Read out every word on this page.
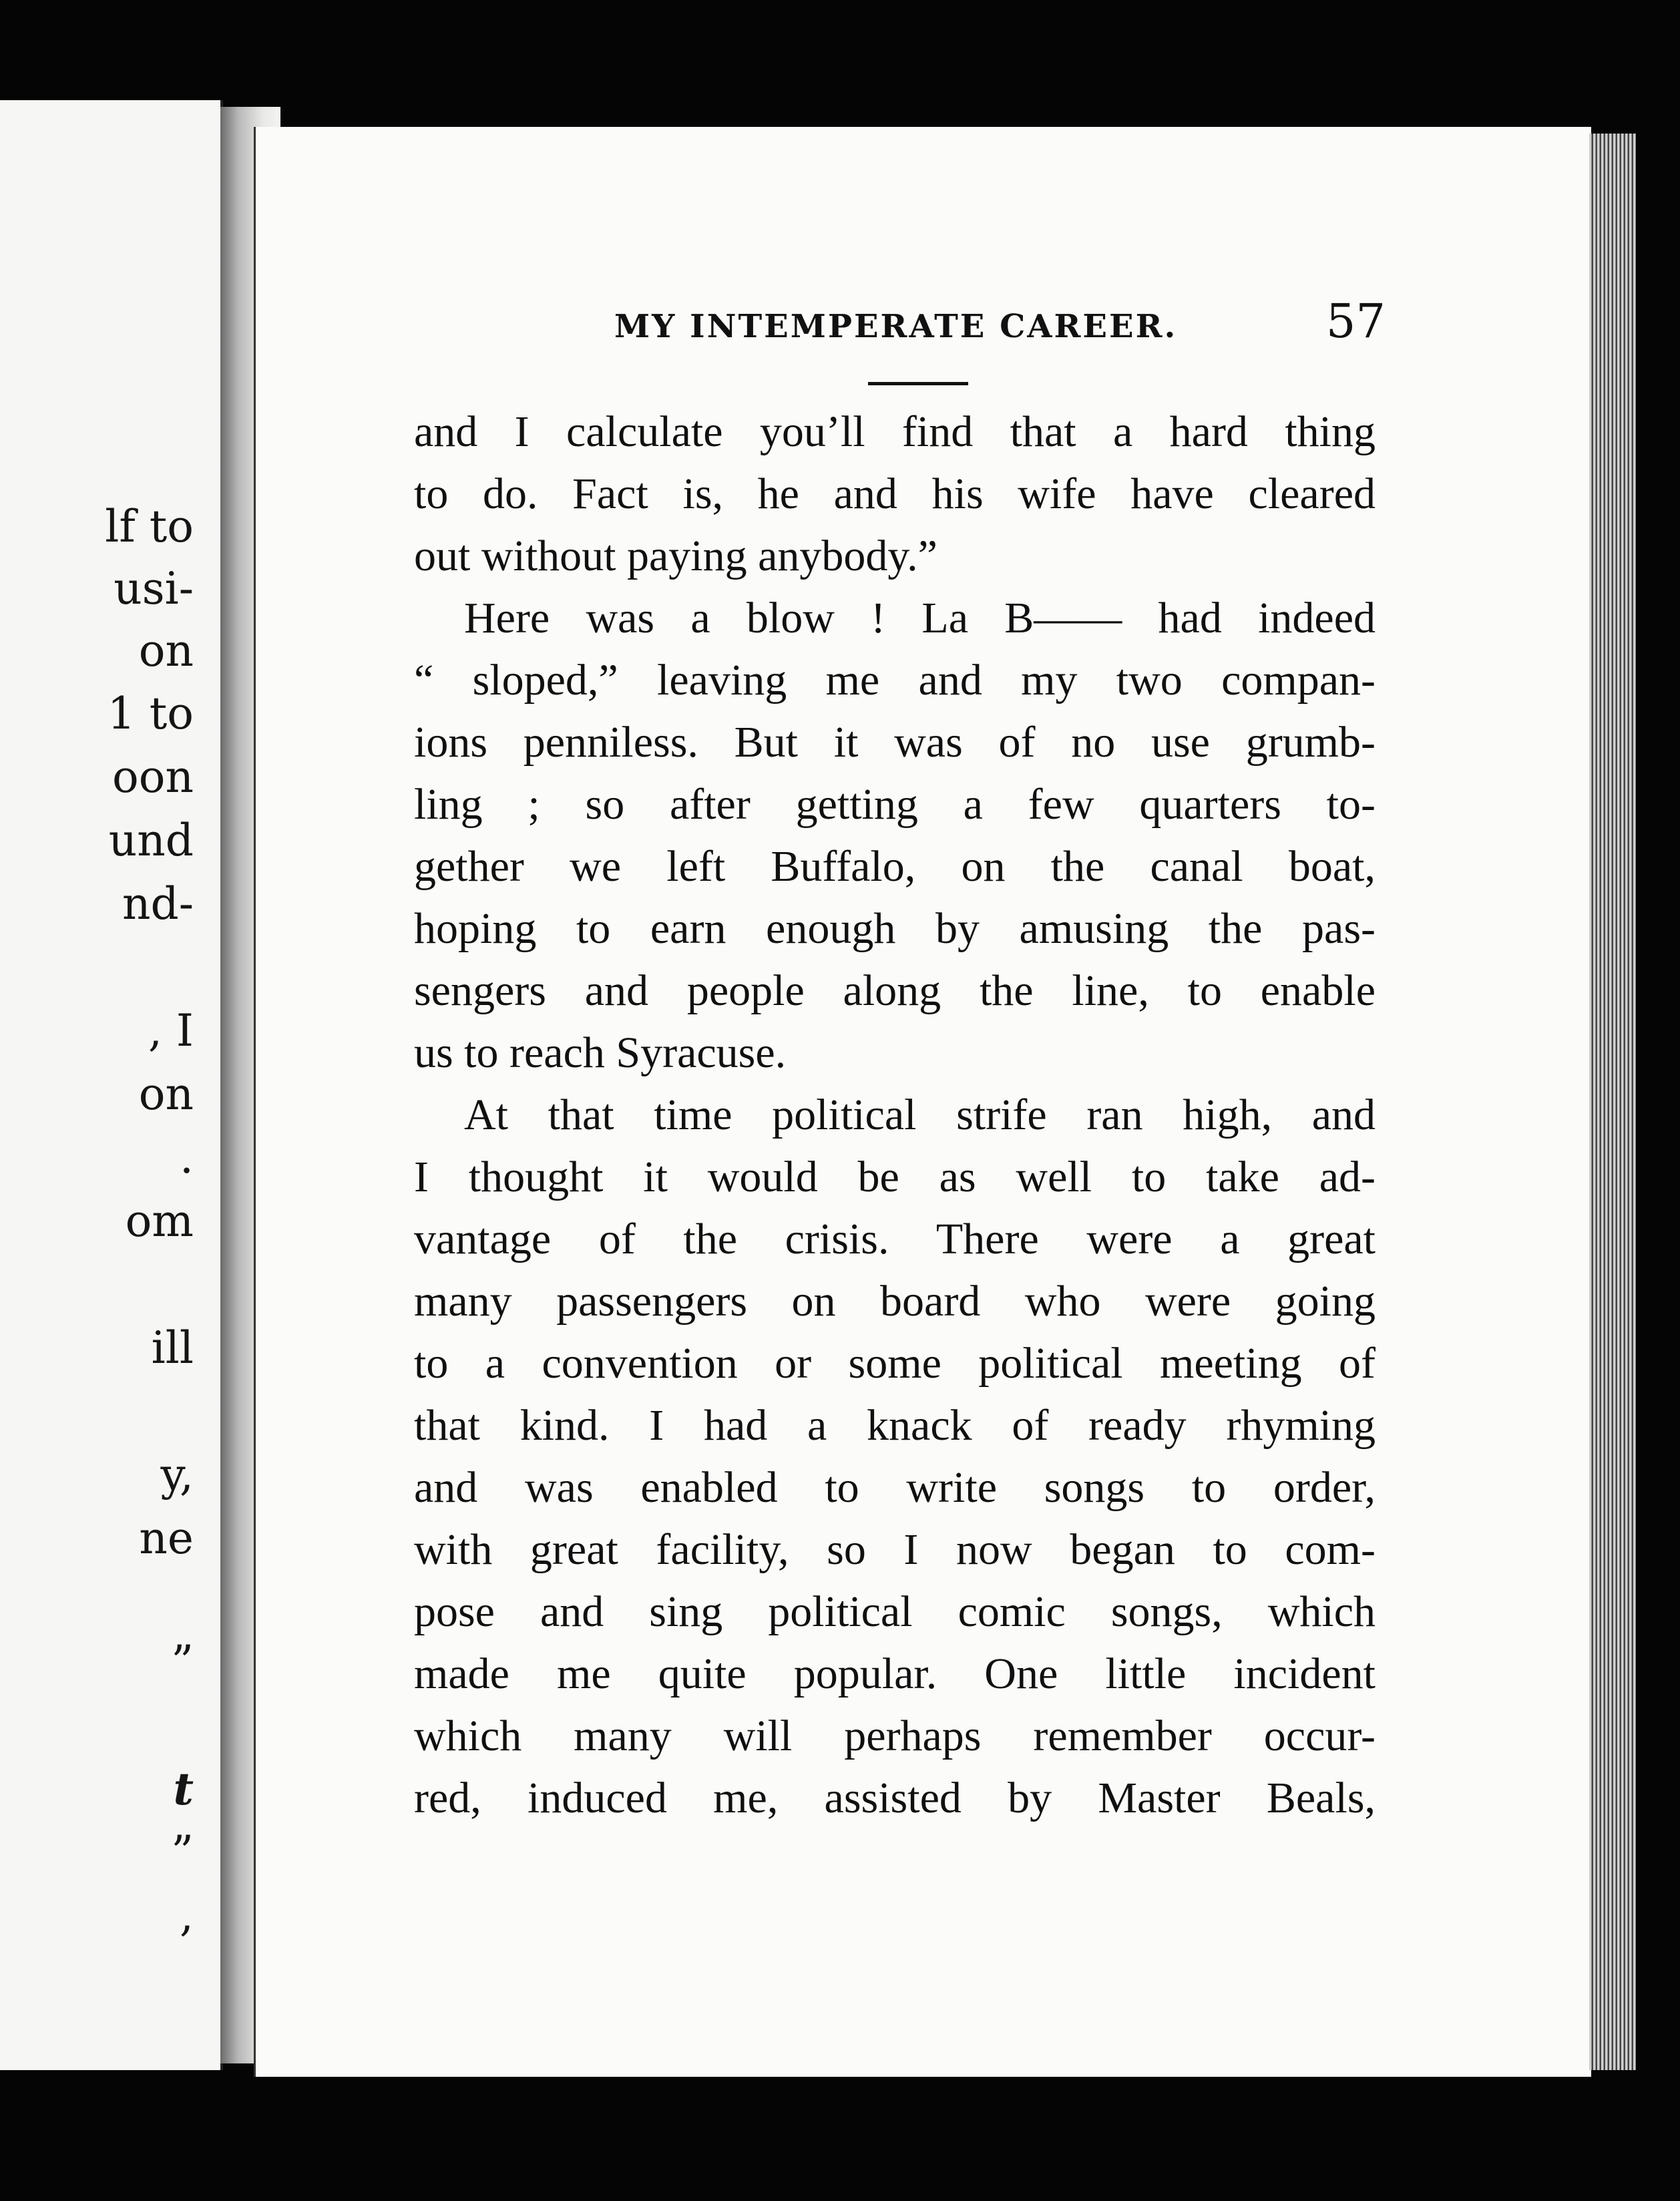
lf to
usi-
on
1 to
oon
und
nd-
, I
on
.
om
ill
y,
ne
”
t
”
,
MY INTEMPERATE CAREER.	57
and I calculate you’ll find that a hard thing
to do. Fact is, he and his wife have cleared
out without paying anybody.”
Here was a blow ! La B—— had indeed
“ sloped,” leaving me and my two compan-
ions penniless. But it was of no use grumb-
ling ; so after getting a few quarters to-
gether we left Buffalo, on the canal boat,
hoping to earn enough by amusing the pas-
sengers and people along the line, to enable
us to reach Syracuse.
At that time political strife ran high, and
I thought it would be as well to take ad-
vantage of the crisis. There were a great
many passengers on board who were going
to a convention or some political meeting of
that kind. I had a knack of ready rhyming
and was enabled to write songs to order,
with great facility, so I now began to com-
pose and sing political comic songs, which
made me quite popular. One little incident
which many will perhaps remember occur-
red, induced me, assisted by Master Beals,
